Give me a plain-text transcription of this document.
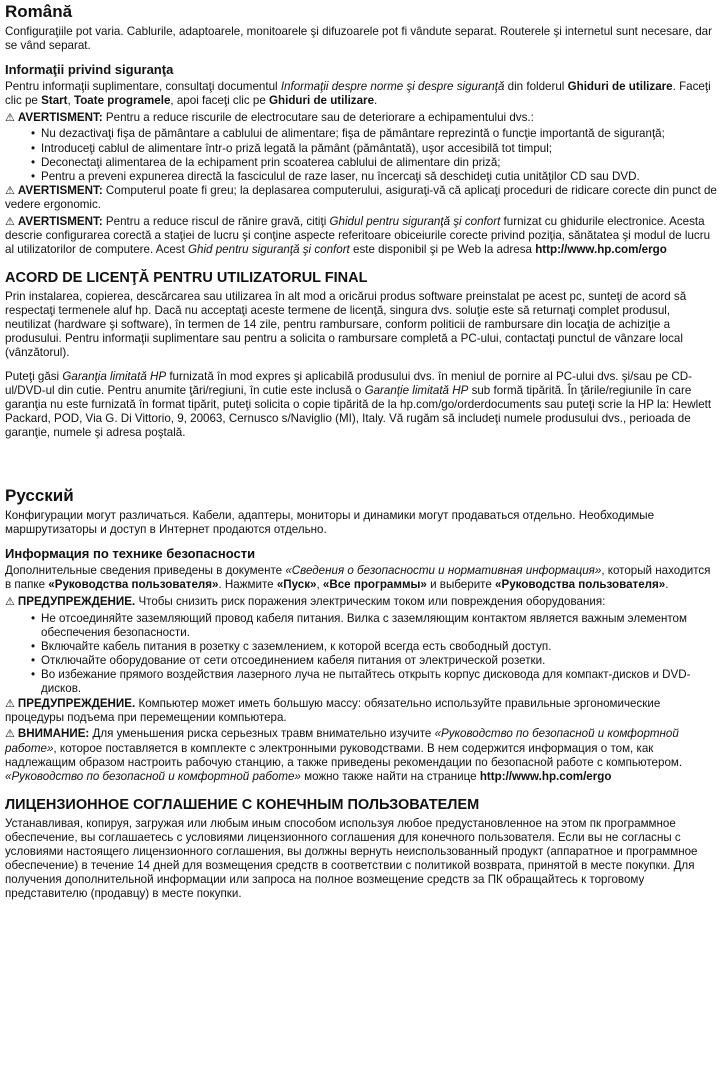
Română

Configuraţiile pot varia. Cablurile, adaptoarele, monitoarele şi difuzoarele pot fi vândute separat. Routerele şi internetul sunt necesare, dar se vând separat.

Informaţii privind siguranţa

Pentru informaţii suplimentare, consultaţi documentul Informaţii despre norme şi despre siguranţă din folderul Ghiduri de utilizare. Faceţi clic pe Start, Toate programele, apoi faceţi clic pe Ghiduri de utilizare.

⚠ AVERTISMENT: Pentru a reduce riscurile de electrocutare sau de deteriorare a echipamentului dvs.:

• Nu dezactivaţi fişa de pământare a cablului de alimentare; fişa de pământare reprezintă o funcţie importantă de siguranţă;
• Introduceţi cablul de alimentare într-o priză legată la pământ (pământată), uşor accesibilă tot timpul;
• Deconectaţi alimentarea de la echipament prin scoaterea cablului de alimentare din priză;
• Pentru a preveni expunerea directă la fasciculul de raze laser, nu încercaţi să deschideţi cutia unităţilor CD sau DVD.

⚠ AVERTISMENT: Computerul poate fi greu; la deplasarea computerului, asiguraţi-vă că aplicaţi proceduri de ridicare corecte din punct de vedere ergonomic.

⚠ AVERTISMENT: Pentru a reduce riscul de rănire gravă, citiţi Ghidul pentru siguranţă şi confort furnizat cu ghidurile electronice. Acesta descrie configurarea corectă a staţiei de lucru şi conţine aspecte referitoare obiceiurile corecte privind poziţia, sănătatea şi modul de lucru al utilizatorilor de computere. Acest Ghid pentru siguranţă şi confort este disponibil şi pe Web la adresa http://www.hp.com/ergo

ACORD DE LICENŢĂ PENTRU UTILIZATORUL FINAL

Prin instalarea, copierea, descărcarea sau utilizarea în alt mod a oricărui produs software preinstalat pe acest pc, sunteţi de acord să respectaţi termenele aluf hp. Dacă nu acceptaţi aceste termene de licenţă, singura dvs. soluţie este să returnaţi complet produsul, neutilizat (hardware şi software), în termen de 14 zile, pentru rambursare, conform politicii de rambursare din locaţia de achiziţie a produsului. Pentru informaţii suplimentare sau pentru a solicita o rambursare completă a PC-ului, contactaţi punctul de vânzare local (vânzătorul).

Puteţi găsi Garanţia limitată HP furnizată în mod expres şi aplicabilă produsului dvs. în meniul de pornire al PC-ului dvs. şi/sau pe CD-ul/DVD-ul din cutie. Pentru anumite ţări/regiuni, în cutie este inclusă o Garanţie limitată HP sub formă tipărită. În ţările/regiunile în care garanţia nu este furnizată în format tipărit, puteţi solicita o copie tipărită de la hp.com/go/orderdocuments sau puteţi scrie la HP la: Hewlett Packard, POD, Via G. Di Vittorio, 9, 20063, Cernusco s/Naviglio (MI), Italy. Vă rugăm să includeţi numele produsului dvs., perioada de garanţie, numele şi adresa poştală.

Русский

Конфигурации могут различаться. Кабели, адаптеры, мониторы и динамики могут продаваться отдельно. Необходимые маршрутизаторы и доступ в Интернет продаются отдельно.

Информация по технике безопасности

Дополнительные сведения приведены в документе «Сведения о безопасности и нормативная информация», который находится в папке «Руководства пользователя». Нажмите «Пуск», «Все программы» и выберите «Руководства пользователя».

⚠ ПРЕДУПРЕЖДЕНИЕ. Чтобы снизить риск поражения электрическим током или повреждения оборудования:

• Не отсоединяйте заземляющий провод кабеля питания. Вилка с заземляющим контактом является важным элементом обеспечения безопасности.
• Включайте кабель питания в розетку с заземлением, к которой всегда есть свободный доступ.
• Отключайте оборудование от сети отсоединением кабеля питания от электрической розетки.
• Во избежание прямого воздействия лазерного луча не пытайтесь открыть корпус дисковода для компакт-дисков и DVD-дисков.

⚠ ПРЕДУПРЕЖДЕНИЕ. Компьютер может иметь большую массу: обязательно используйте правильные эргономические процедуры подъема при перемещении компьютера.

⚠ ВНИМАНИЕ: Для уменьшения риска серьезных травм внимательно изучите «Руководство по безопасной и комфортной работе», которое поставляется в комплекте с электронными руководствами. В нем содержится информация о том, как надлежащим образом настроить рабочую станцию, а также приведены рекомендации по безопасной работе с компьютером. «Руководство по безопасной и комфортной работе» можно также найти на странице http://www.hp.com/ergo

ЛИЦЕНЗИОННОЕ СОГЛАШЕНИЕ С КОНЕЧНЫМ ПОЛЬЗОВАТЕЛЕМ

Устанавливая, копируя, загружая или любым иным способом используя любое предустановленное на этом пк программное обеспечение, вы соглашаетесь с условиями лицензионного соглашения для конечного пользователя. Если вы не согласны с условиями настоящего лицензионного соглашения, вы должны вернуть неиспользованный продукт (аппаратное и программное обеспечение) в течение 14 дней для возмещения средств в соответствии с политикой возврата, принятой в месте покупки. Для получения дополнительной информации или запроса на полное возмещение средств за ПК обращайтесь к торговому представителю (продавцу) в месте покупки.
